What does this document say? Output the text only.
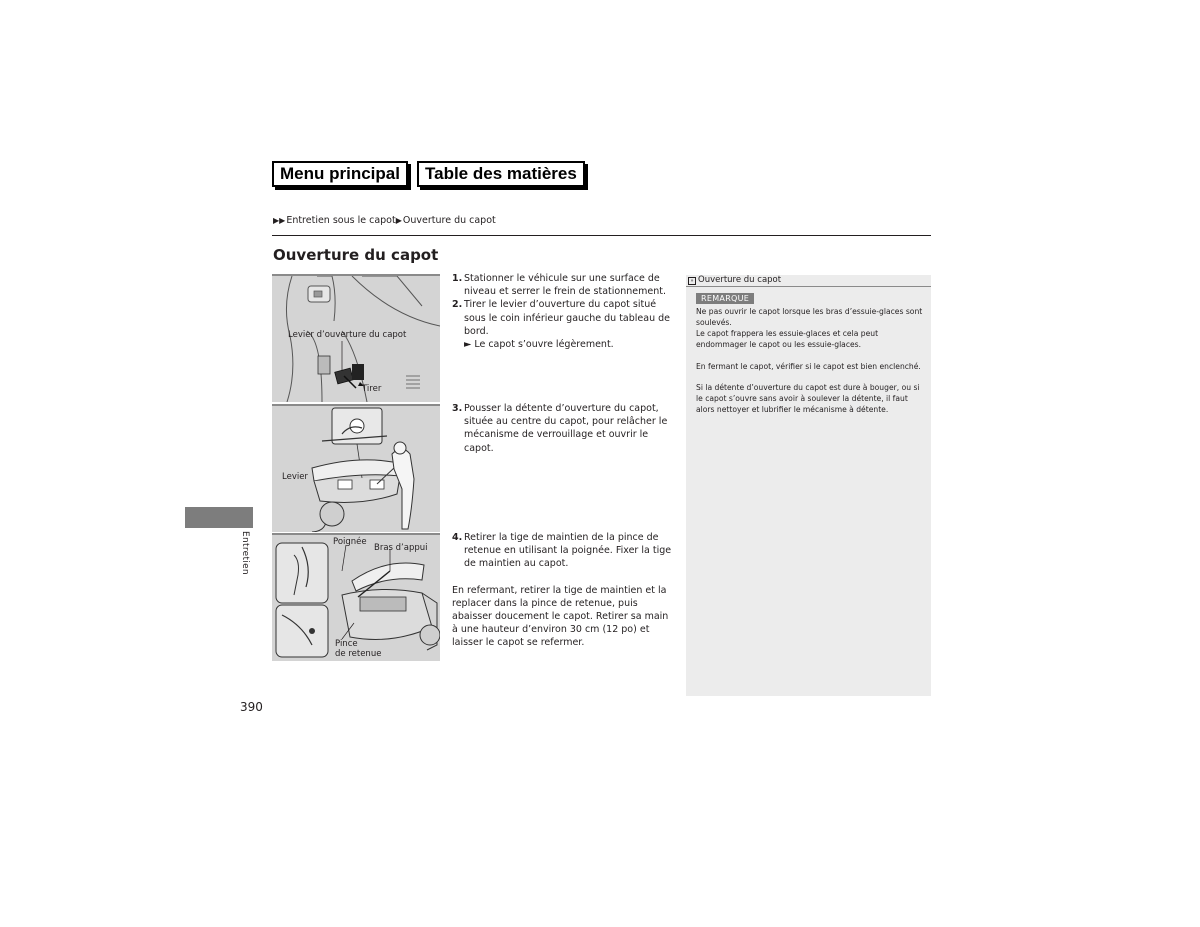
Menu principal	Table des matières
▶▶ Entretien sous le capot ▶ Ouverture du capot
Ouverture du capot
Levier d’ouverture du capot
Tirer
Levier
Poignée
Bras d’appui
Pince
de retenue
1. Stationner le véhicule sur une surface de niveau et serrer le frein de stationnement.
2. Tirer le levier d’ouverture du capot situé sous le coin inférieur gauche du tableau de bord.
► Le capot s’ouvre légèrement.
3. Pousser la détente d’ouverture du capot, située au centre du capot, pour relâcher le mécanisme de verrouillage et ouvrir le capot.
4. Retirer la tige de maintien de la pince de retenue en utilisant la poignée. Fixer la tige de maintien au capot.
En refermant, retirer la tige de maintien et la replacer dans la pince de retenue, puis abaisser doucement le capot. Retirer sa main à une hauteur d’environ 30 cm (12 po) et laisser le capot se refermer.
» Ouverture du capot
REMARQUE
Ne pas ouvrir le capot lorsque les bras d’essuie-glaces sont soulevés.
Le capot frappera les essuie-glaces et cela peut endommager le capot ou les essuie-glaces.
En fermant le capot, vérifier si le capot est bien enclenché.
Si la détente d’ouverture du capot est dure à bouger, ou si le capot s’ouvre sans avoir à soulever la détente, il faut alors nettoyer et lubrifier le mécanisme à détente.
Entretien
390
